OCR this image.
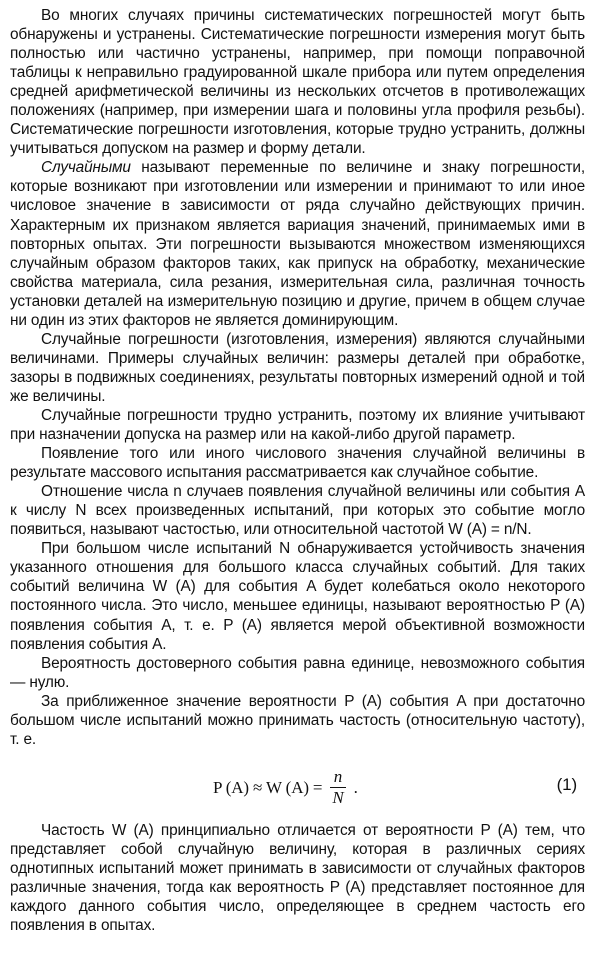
Во многих случаях причины систематических погрешностей могут быть обнаружены и устранены. Систематические погрешности измерения могут быть полностью или частично устранены, например, при помощи поправочной таблицы к неправильно градуированной шкале прибора или путем определения средней арифметической величины из нескольких отсчетов в противолежащих положениях (например, при измерении шага и половины угла профиля резьбы). Систематические погрешности изготовления, которые трудно устранить, должны учитываться допуском на размер и форму детали.

Случайными называют переменные по величине и знаку погрешности, которые возникают при изготовлении или измерении и принимают то или иное числовое значение в зависимости от ряда случайно действующих причин. Характерным их признаком является вариация значений, принимаемых ими в повторных опытах. Эти погрешности вызываются множеством изменяющихся случайным образом факторов таких, как припуск на обработку, механические свойства материала, сила резания, измерительная сила, различная точность установки деталей на измерительную позицию и другие, причем в общем случае ни один из этих факторов не является доминирующим.

Случайные погрешности (изготовления, измерения) являются случайными величинами. Примеры случайных величин: размеры деталей при обработке, зазоры в подвижных соединениях, результаты повторных измерений одной и той же величины.

Случайные погрешности трудно устранить, поэтому их влияние учитывают при назначении допуска на размер или на какой-либо другой параметр.

Появление того или иного числового значения случайной величины в результате массового испытания рассматривается как случайное событие.

Отношение числа n случаев появления случайной величины или события A к числу N всех произведенных испытаний, при которых это событие могло появиться, называют частостью, или относительной частотой W (A) = n/N.

При большом числе испытаний N обнаруживается устойчивость значения указанного отношения для большого класса случайных событий. Для таких событий величина W (A) для события A будет колебаться около некоторого постоянного числа. Это число, меньшее единицы, называют вероятностью P (A) появления события A, т. е. P (A) является мерой объективной возможности появления события A.

Вероятность достоверного события равна единице, невозможного события — нулю.

За приближенное значение вероятности P (A) события A при достаточно большом числе испытаний можно принимать частость (относительную частоту), т. е.

P (A) ≈ W $(A) = \frac{n}{N}$ .	(1)

Частость W (A) принципиально отличается от вероятности P (A) тем, что представляет собой случайную величину, которая в различных сериях однотипных испытаний может принимать в зависимости от случайных факторов различные значения, тогда как вероятность P (A) представляет постоянное для каждого данного события число, определяющее в среднем частость его появления в опытах.
